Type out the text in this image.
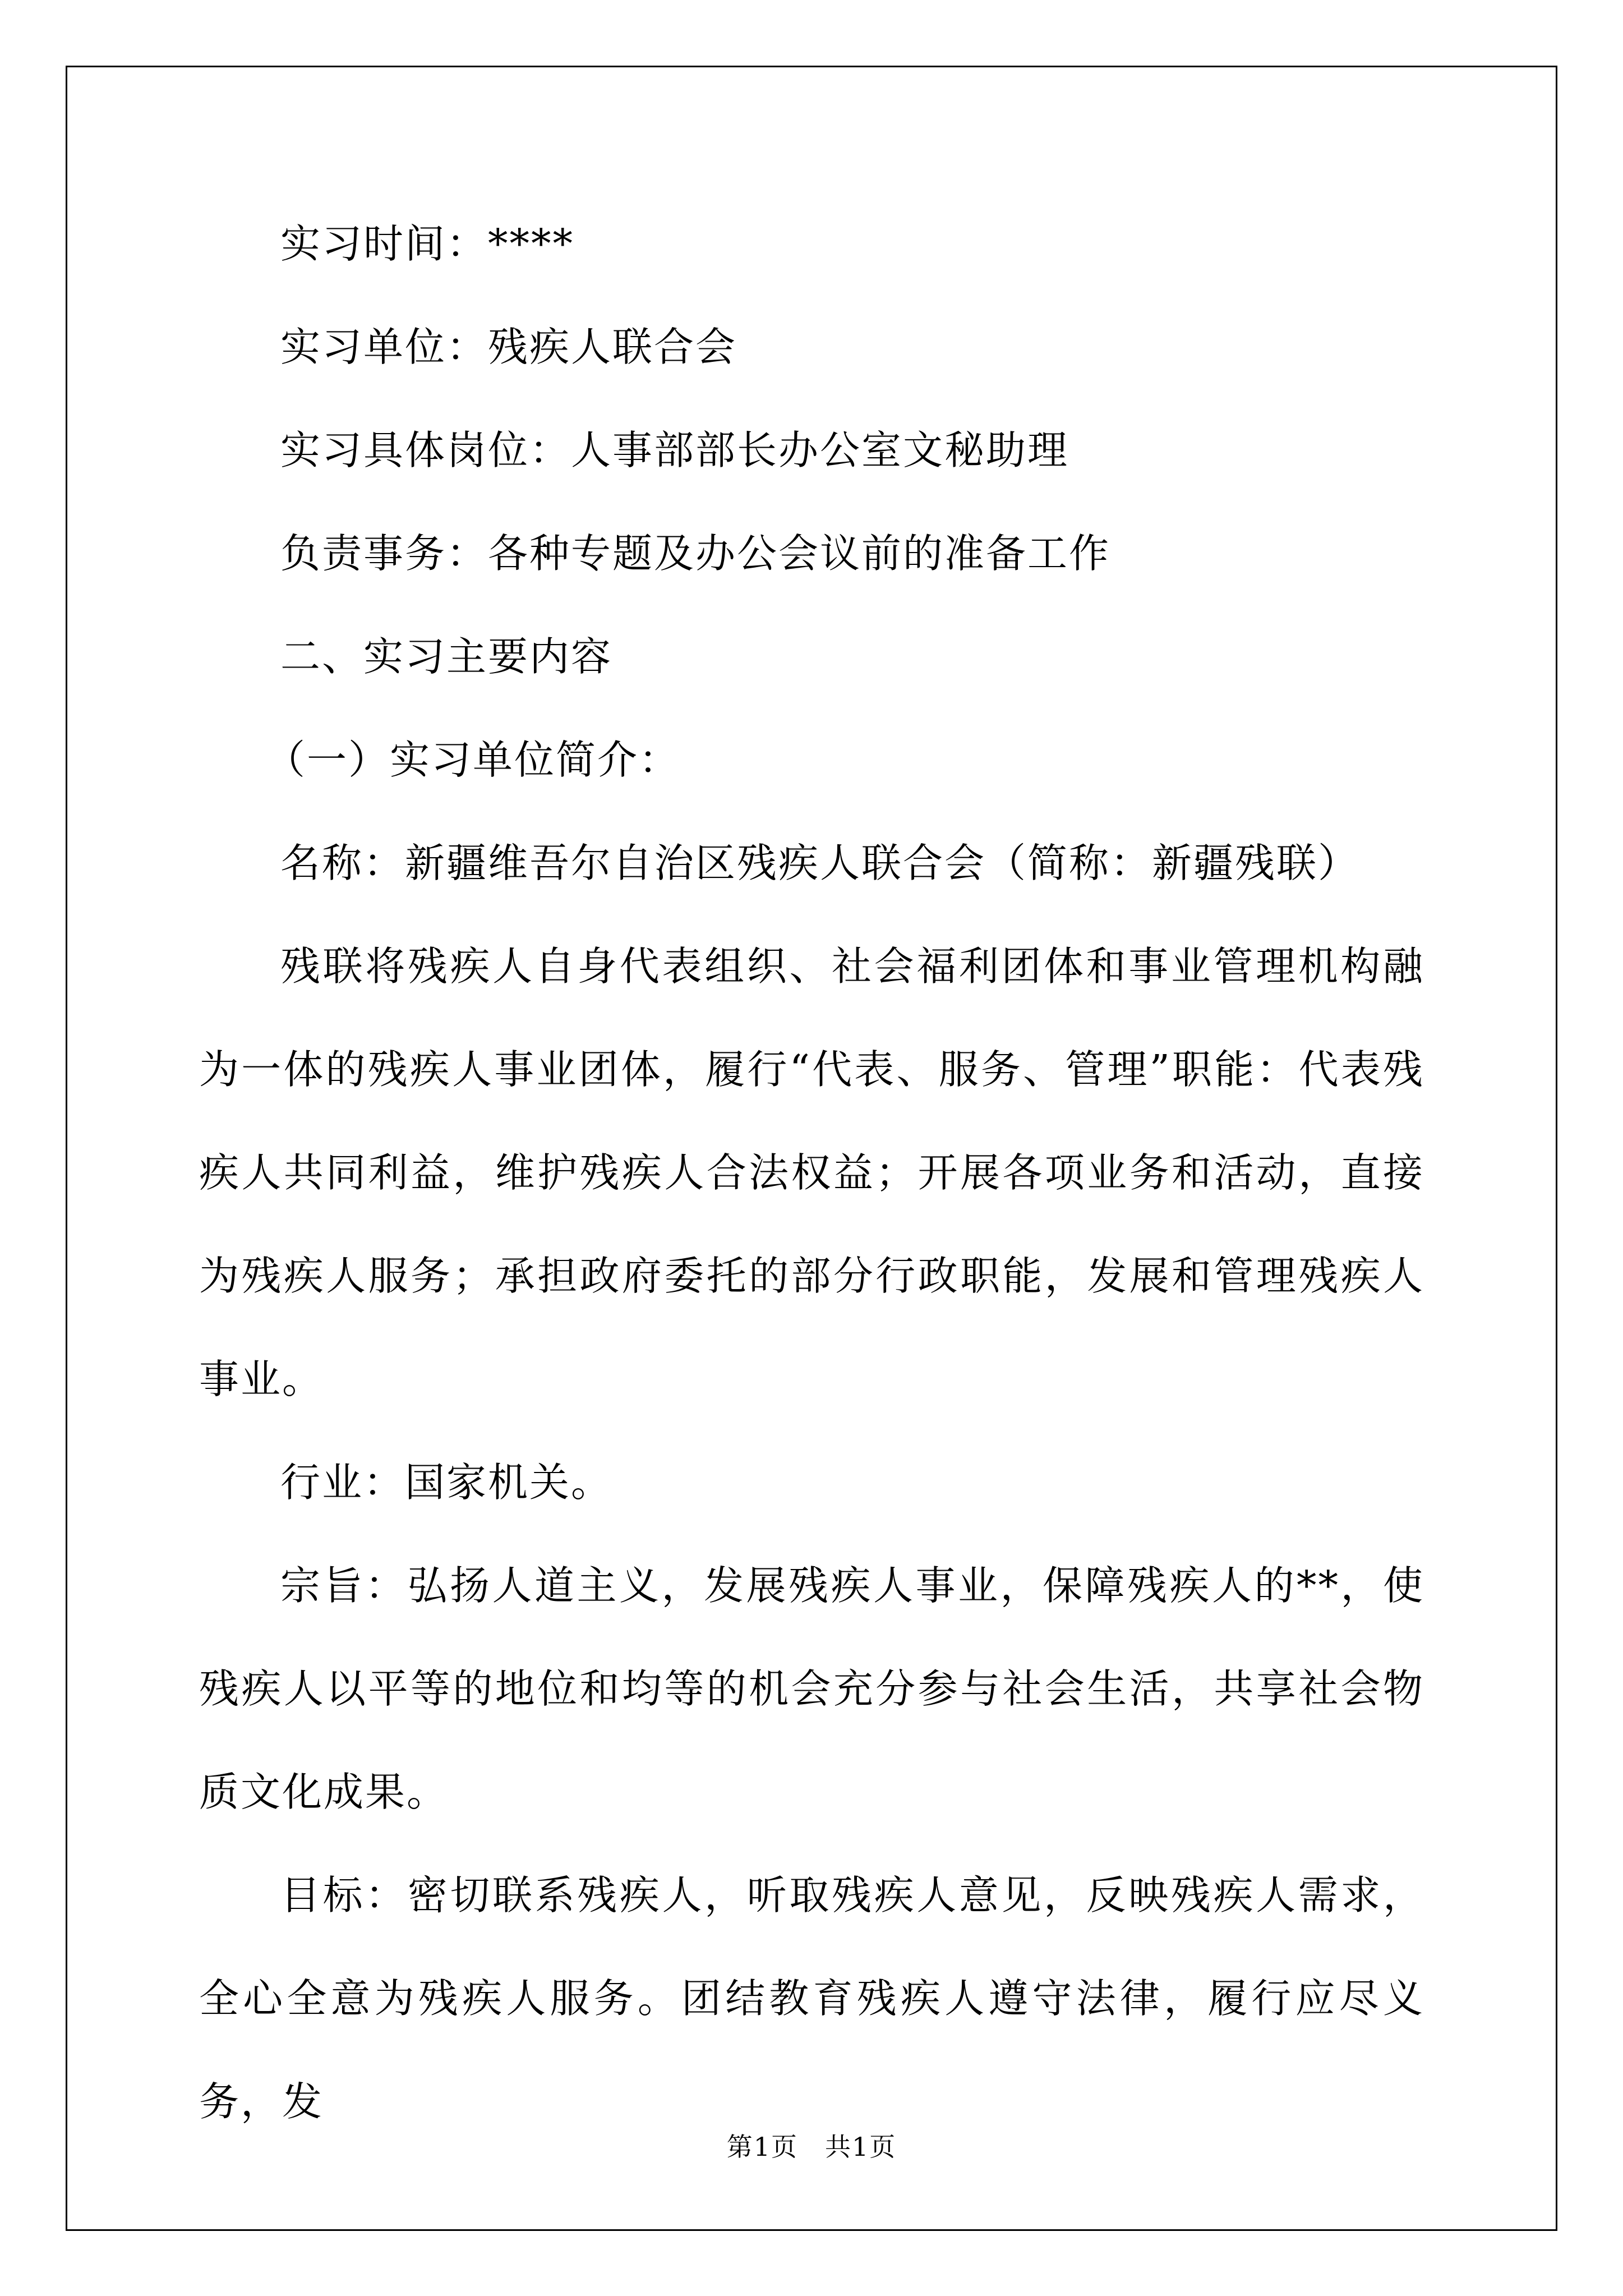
实习时间：****
实习单位：残疾人联合会
实习具体岗位：人事部部长办公室文秘助理
负责事务：各种专题及办公会议前的准备工作
二、实习主要内容
（一）实习单位简介：
名称：新疆维吾尔自治区残疾人联合会（简称：新疆残联）

残联将残疾人自身代表组织、社会福利团体和事业管理机构融为一体的残疾人事业团体，履行“代表、服务、管理”职能：代表残疾人共同利益，维护残疾人合法权益；开展各项业务和活动，直接为残疾人服务；承担政府委托的部分行政职能，发展和管理残疾人事业。

行业：国家机关。

宗旨：弘扬人道主义，发展残疾人事业，保障残疾人的**，使残疾人以平等的地位和均等的机会充分参与社会生活，共享社会物质文化成果。

目标：密切联系残疾人，听取残疾人意见，反映残疾人需求，全心全意为残疾人服务。团结教育残疾人遵守法律，履行应尽义务，发

第1页　共1页
